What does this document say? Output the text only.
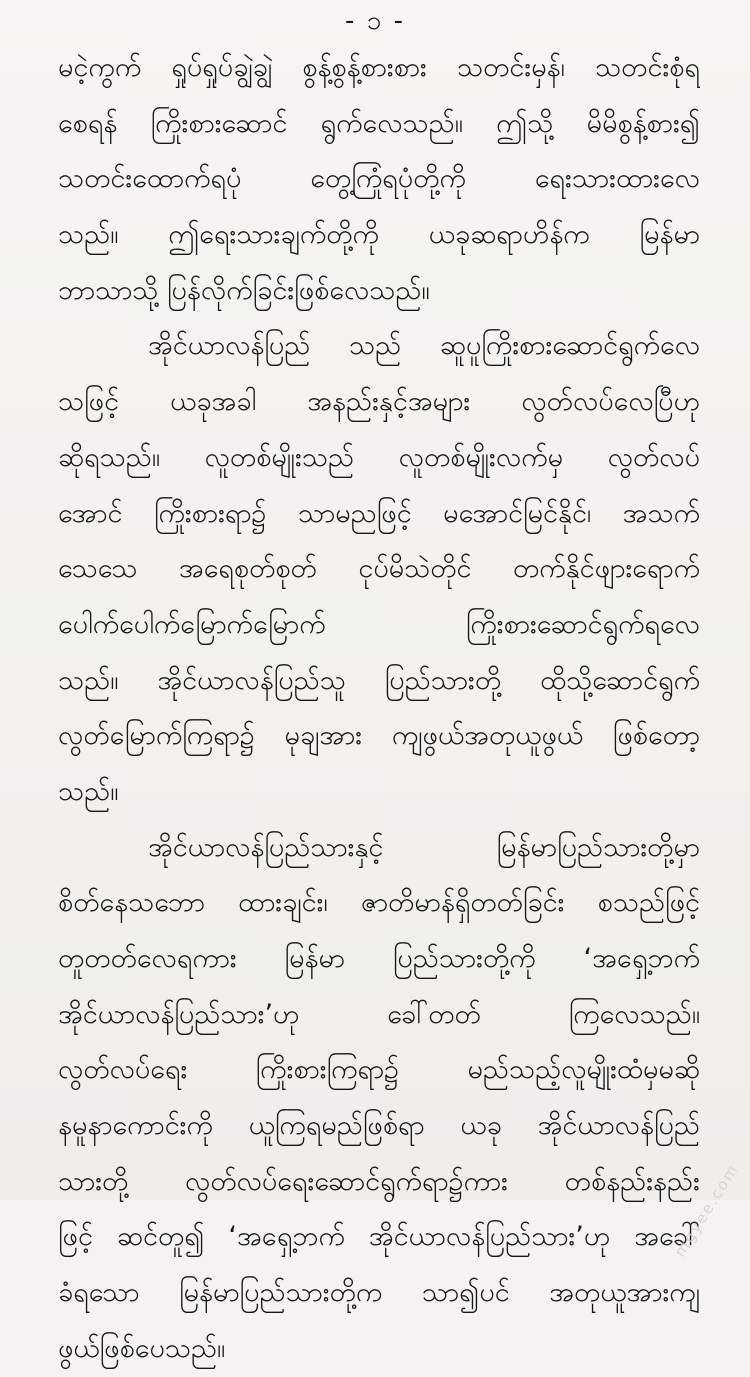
- ၁ -
မငဲ့ကွက် ရှုပ်ရှုပ်ချွဲချွဲ စွန့်စွန့်စားစား သတင်းမှန်၊ သတင်းစုံရ
စေရန် ကြိုးစားဆောင် ရွက်လေသည်။ ဤသို့ မိမိစွန့်စား၍
သတင်းထောက်ရပုံ တွေ့ကြုံရပုံတို့ကို ရေးသားထားလေ
သည်။ ဤရေးသားချက်တို့ကို ယခုဆရာဟိန်က မြန်မာ
ဘာသာသို့ ပြန်လိုက်ခြင်းဖြစ်လေသည်။
အိုင်ယာလန်ပြည် သည် ဆူပူကြိုးစားဆောင်ရွက်လေ
သဖြင့် ယခုအခါ အနည်းနှင့်အများ လွတ်လပ်လေပြီဟု
ဆိုရသည်။ လူတစ်မျိုးသည် လူတစ်မျိုးလက်မှ လွတ်လပ်
အောင် ကြိုးစားရာ၌ သာမညဖြင့် မအောင်မြင်နိုင်၊ အသက်
သေသေ အရေစုတ်စုတ် ငုပ်မိသဲတိုင် တက်နိုင်ဖျားရောက်
ပေါက်ပေါက်မြောက်မြောက် ကြိုးစားဆောင်ရွက်ရလေ
သည်။ အိုင်ယာလန်ပြည်သူ ပြည်သားတို့ ထိုသို့ဆောင်ရွက်
လွတ်မြောက်ကြရာ၌ မုချအား ကျဖွယ်အတုယူဖွယ် ဖြစ်တော့
သည်။
အိုင်ယာလန်ပြည်သားနှင့် မြန်မာပြည်သားတို့မှာ
စိတ်နေသဘော ထားချင်း၊ ဇာတိမာန်ရှိတတ်ခြင်း စသည်ဖြင့်
တူတတ်လေရကား မြန်မာ ပြည်သားတို့ကို ‘အရှေ့ဘက်
အိုင်ယာလန်ပြည်သား’ဟု ခေါ်တတ် ကြလေသည်။
လွတ်လပ်ရေး ကြိုးစားကြရာ၌ မည်သည့်လူမျိုးထံမှမဆို
နမူနာကောင်းကို ယူကြရမည်ဖြစ်ရာ ယခု အိုင်ယာလန်ပြည်
သားတို့ လွတ်လပ်ရေးဆောင်ရွက်ရာ၌ကား တစ်နည်းနည်း
ဖြင့် ဆင်တူ၍ ‘အရှေ့ဘက် အိုင်ယာလန်ပြည်သား’ဟု အခေါ်
ခံရသော မြန်မာပြည်သားတို့က သာ၍ပင် အတုယူအားကျ
ဖွယ်ဖြစ်ပေသည်။
mgyee.com
